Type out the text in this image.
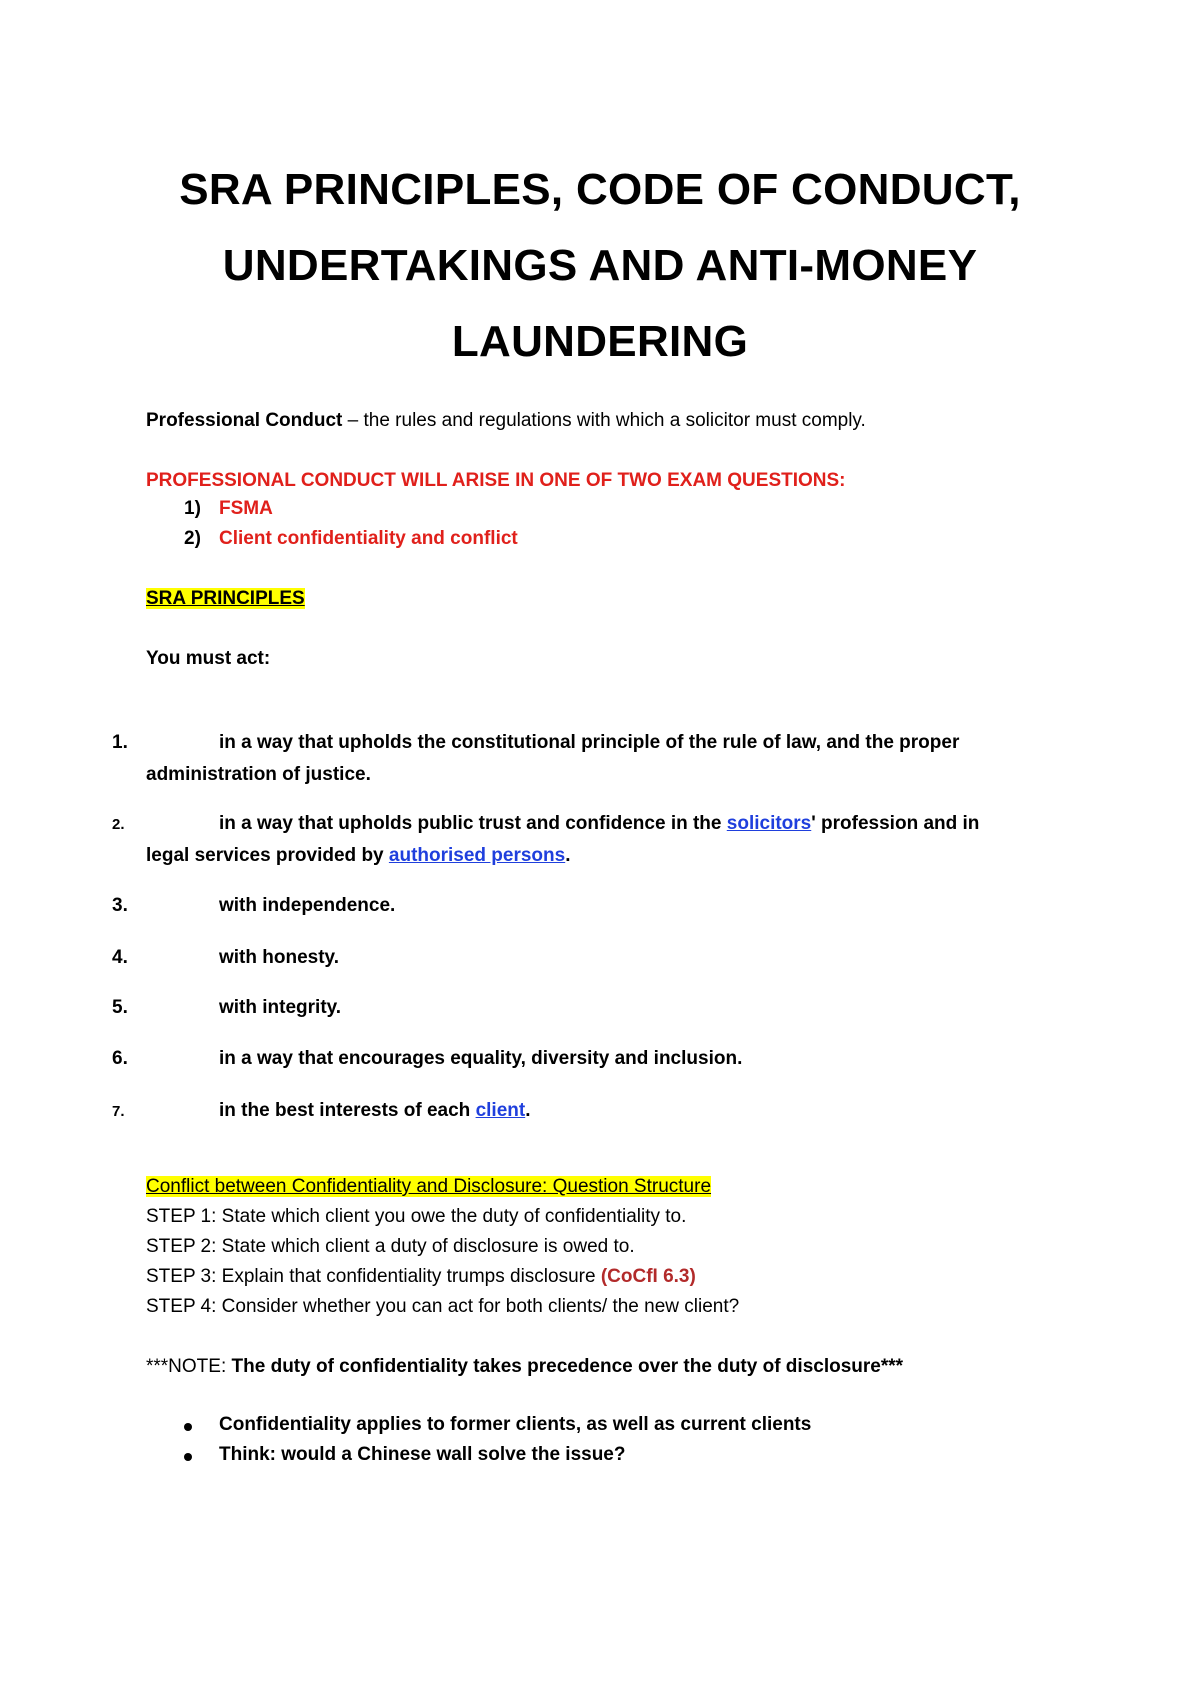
SRA PRINCIPLES, CODE OF CONDUCT,
UNDERTAKINGS AND ANTI-MONEY
LAUNDERING
Professional Conduct – the rules and regulations with which a solicitor must comply.
PROFESSIONAL CONDUCT WILL ARISE IN ONE OF TWO EXAM QUESTIONS:
1) FSMA
2) Client confidentiality and conflict
SRA PRINCIPLES
You must act:
1.	in a way that upholds the constitutional principle of the rule of law, and the proper
administration of justice.
2.	in a way that upholds public trust and confidence in the solicitors' profession and in
legal services provided by authorised persons.
3.	with independence.
4.	with honesty.
5.	with integrity.
6.	in a way that encourages equality, diversity and inclusion.
7.	in the best interests of each client.
Conflict between Confidentiality and Disclosure: Question Structure
STEP 1: State which client you owe the duty of confidentiality to.
STEP 2: State which client a duty of disclosure is owed to.
STEP 3: Explain that confidentiality trumps disclosure (CoCfI 6.3)
STEP 4: Consider whether you can act for both clients/ the new client?
***NOTE: The duty of confidentiality takes precedence over the duty of disclosure***
Confidentiality applies to former clients, as well as current clients
Think: would a Chinese wall solve the issue?
